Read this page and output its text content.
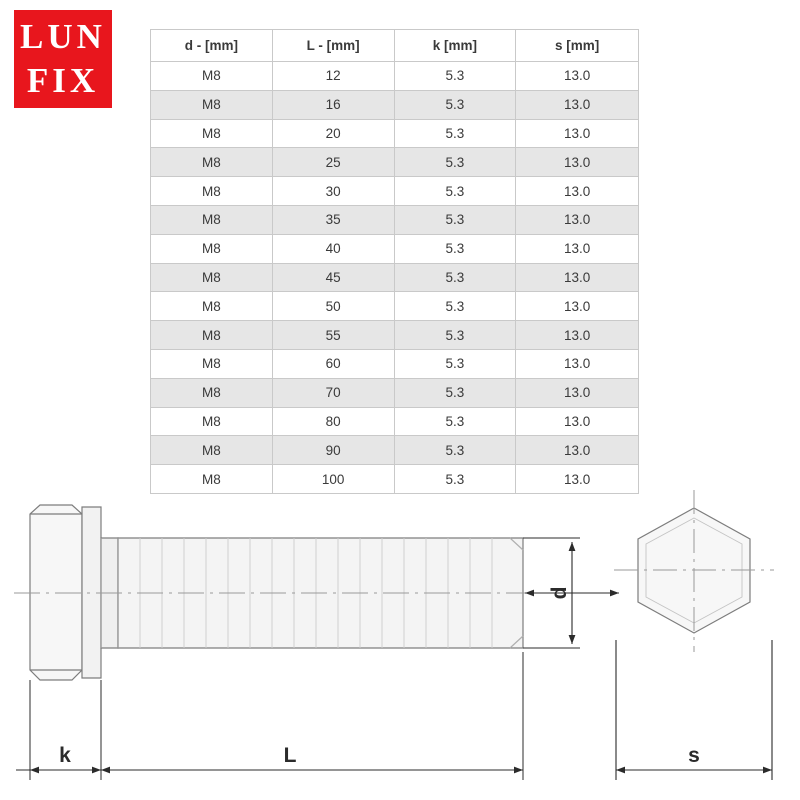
LUN
FIX
d - [mm]	L - [mm]	k [mm]	s [mm]
M8	12	5.3	13.0
M8	16	5.3	13.0
M8	20	5.3	13.0
M8	25	5.3	13.0
M8	30	5.3	13.0
M8	35	5.3	13.0
M8	40	5.3	13.0
M8	45	5.3	13.0
M8	50	5.3	13.0
M8	55	5.3	13.0
M8	60	5.3	13.0
M8	70	5.3	13.0
M8	80	5.3	13.0
M8	90	5.3	13.0
M8	100	5.3	13.0
d
k	L	s
